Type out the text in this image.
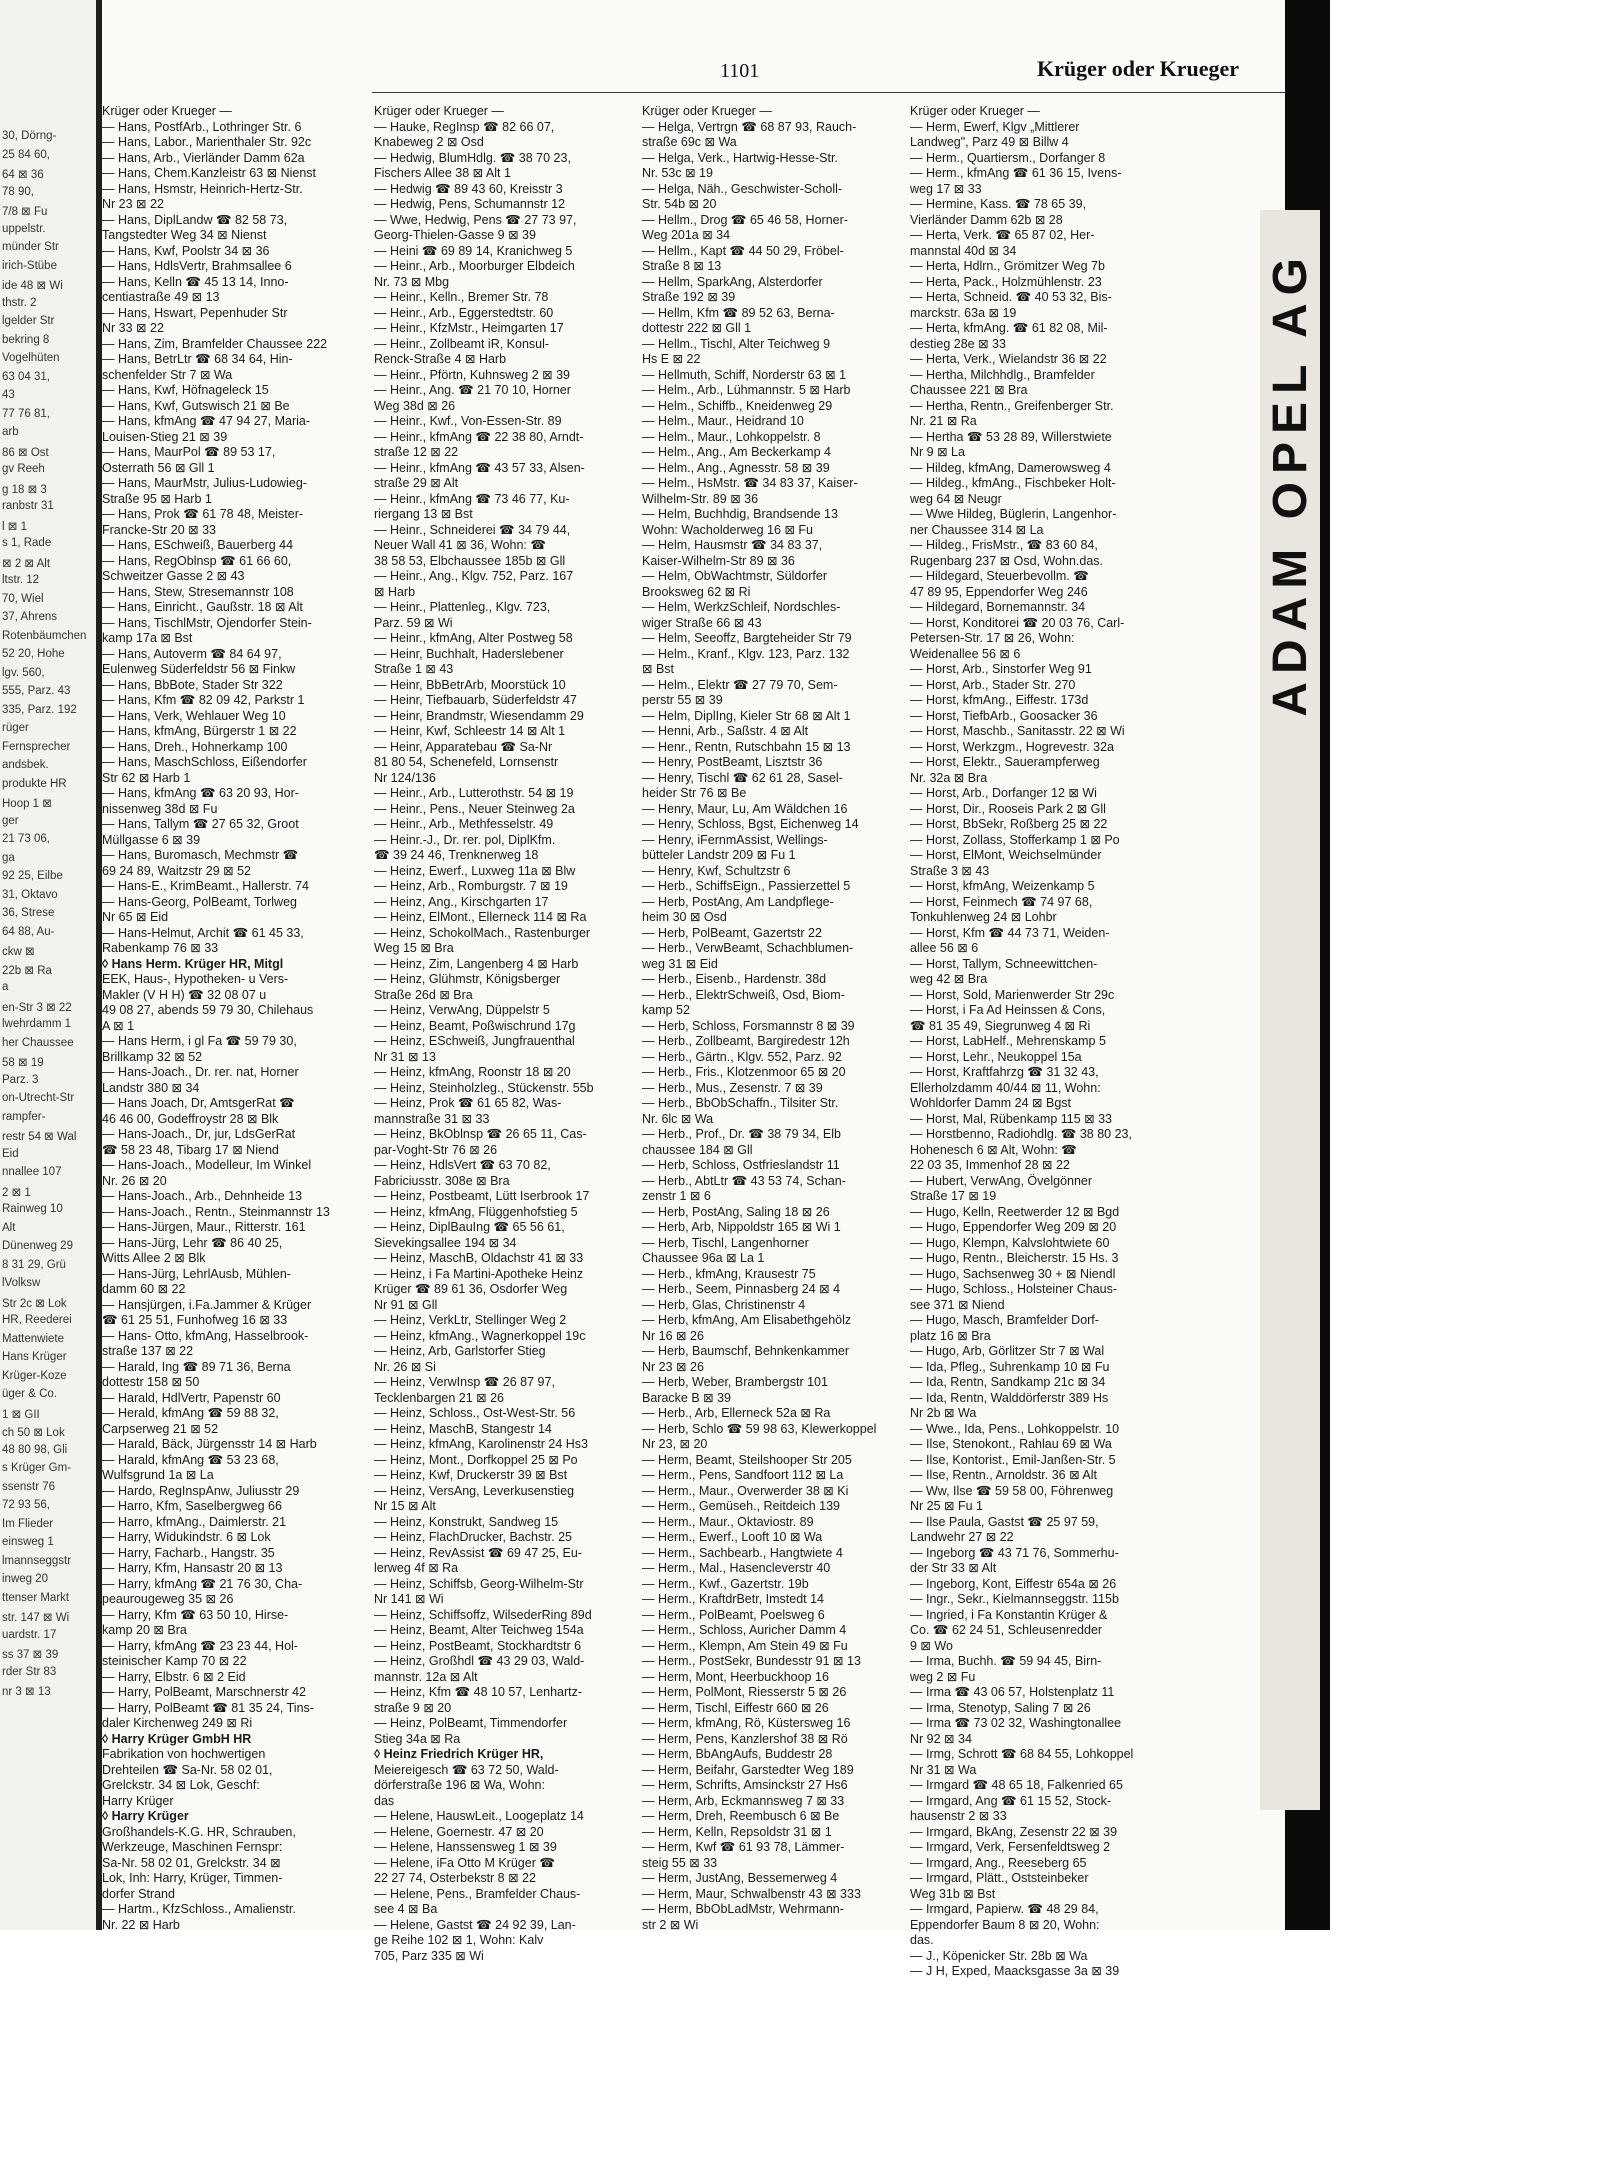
30, Dörng-
25 84 60,
64 ⊠ 36
78 90,
7/8 ⊠ Fu
uppelstr.
münder Str
irich-Stübe
ide 48 ⊠ Wi
thstr. 2
lgelder Str
bekring 8
Vogelhüten
63 04 31,
43
77 76 81,
arb
86 ⊠ Ost
gv Reeh
g 18 ⊠ 3
ranbstr 31
l ⊠ 1
s 1, Rade
⊠ 2 ⊠ Alt
ltstr. 12
70, Wiel
37, Ahrens
Rotenbäumchen
52 20, Hohe
lgv. 560,
555, Parz. 43
335, Parz. 192
rüger
Fernsprecher
andsbek.
produkte HR
Hoop 1 ⊠
ger
21 73 06,
ga
92 25, Eilbe
31, Oktavo
36, Strese
64 88, Au-
ckw ⊠
22b ⊠ Ra
a
en-Str 3 ⊠ 22
lwehrdamm 1
her Chaussee
58 ⊠ 19
Parz. 3
on-Utrecht-Str
rampfer-
restr 54 ⊠ Wal
Eid
nnallee 107
2 ⊠ 1
Rainweg 10
Alt
Dünenweg 29
8 31 29, Grü
lVolksw
Str 2c ⊠ Lok
HR, Reederei
Mattenwiete
Hans Krüger
Krüger-Koze
üger & Co.
1 ⊠ GII
ch 50 ⊠ Lok
48 80 98, Gli
s Krüger Gm-
ssenstr 76
72 93 56,
Im Flieder
einsweg 1
lmannseggstr
inweg 20
ttenser Markt
str. 147 ⊠ Wi
uardstr. 17
ss 37 ⊠ 39
rder Str 83
nr 3 ⊠ 13
1101	Krüger oder Krueger
Krüger oder Krueger —
— Hans, PostfArb., Lothringer Str. 6
— Hans, Labor., Marienthaler Str. 92c
— Hans, Arb., Vierländer Damm 62a
— Hans, Chem.Kanzleistr 63 ⊠ Nienst
— Hans, Hsmstr, Heinrich-Hertz-Str.
Nr 23 ⊠ 22
— Hans, DiplLandw ☎ 82 58 73,
Tangstedter Weg 34 ⊠ Nienst
— Hans, Kwf, Poolstr 34 ⊠ 36
— Hans, HdlsVertr, Brahmsallee 6
— Hans, Kelln ☎ 45 13 14, Inno-
centiastraße 49 ⊠ 13
— Hans, Hswart, Pepenhuder Str
Nr 33 ⊠ 22
— Hans, Zim, Bramfelder Chaussee 222
— Hans, BetrLtr ☎ 68 34 64, Hin-
schenfelder Str 7 ⊠ Wa
— Hans, Kwf, Höfnageleck 15
— Hans, Kwf, Gutswisch 21 ⊠ Be
— Hans, kfmAng ☎ 47 94 27, Maria-
Louisen-Stieg 21 ⊠ 39
— Hans, MaurPol ☎ 89 53 17,
Osterrath 56 ⊠ Gll 1
— Hans, MaurMstr, Julius-Ludowieg-
Straße 95 ⊠ Harb 1
— Hans, Prok ☎ 61 78 48, Meister-
Francke-Str 20 ⊠ 33
— Hans, ESchweiß, Bauerberg 44
— Hans, RegOblnsp ☎ 61 66 60,
Schweitzer Gasse 2 ⊠ 43
— Hans, Stew, Stresemannstr 108
— Hans, Einricht., Gaußstr. 18 ⊠ Alt
— Hans, TischlMstr, Ojendorfer Stein-
kamp 17a ⊠ Bst
— Hans, Autoverm ☎ 84 64 97,
Eulenweg Süderfeldstr 56 ⊠ Finkw
— Hans, BbBote, Stader Str 322
— Hans, Kfm ☎ 82 09 42, Parkstr 1
— Hans, Verk, Wehlauer Weg 10
— Hans, kfmAng, Bürgerstr 1 ⊠ 22
— Hans, Dreh., Hohnerkamp 100
— Hans, MaschSchloss, Eißendorfer
Str 62 ⊠ Harb 1
— Hans, kfmAng ☎ 63 20 93, Hor-
nissenweg 38d ⊠ Fu
— Hans, Tallym ☎ 27 65 32, Groot
Müllgasse 6 ⊠ 39
— Hans, Buromasch, Mechmstr ☎
69 24 89, Waitzstr 29 ⊠ 52
— Hans-E., KrimBeamt., Hallerstr. 74
— Hans-Georg, PolBeamt, Torlweg
Nr 65 ⊠ Eid
— Hans-Helmut, Archit ☎ 61 45 33,
Rabenkamp 76 ⊠ 33
◊ Hans Herm. Krüger HR, Mitgl
EEK, Haus-, Hypotheken- u Vers-
Makler (V H H) ☎ 32 08 07 u
49 08 27, abends 59 79 30, Chilehaus
A ⊠ 1
— Hans Herm, i gl Fa ☎ 59 79 30,
Brillkamp 32 ⊠ 52
— Hans-Joach., Dr. rer. nat, Horner
Landstr 380 ⊠ 34
— Hans Joach, Dr, AmtsgerRat ☎
46 46 00, Godeffroystr 28 ⊠ Blk
— Hans-Joach., Dr, jur, LdsGerRat
☎ 58 23 48, Tibarg 17 ⊠ Niend
— Hans-Joach., Modelleur, Im Winkel
Nr. 26 ⊠ 20
— Hans-Joach., Arb., Dehnheide 13
— Hans-Joach., Rentn., Steinmannstr 13
— Hans-Jürgen, Maur., Ritterstr. 161
— Hans-Jürg, Lehr ☎ 86 40 25,
Witts Allee 2 ⊠ Blk
— Hans-Jürg, LehrlAusb, Mühlen-
damm 60 ⊠ 22
— Hansjürgen, i.Fa.Jammer & Krüger
☎ 61 25 51, Funhofweg 16 ⊠ 33
— Hans- Otto, kfmAng, Hasselbrook-
straße 137 ⊠ 22
— Harald, Ing ☎ 89 71 36, Berna
dottestr 158 ⊠ 50
— Harald, HdlVertr, Papenstr 60
— Herald, kfmAng ☎ 59 88 32,
Carpserweg 21 ⊠ 52
— Harald, Bäck, Jürgensstr 14 ⊠ Harb
— Harald, kfmAng ☎ 53 23 68,
Wulfsgrund 1a ⊠ La
— Hardo, RegInspAnw, Juliusstr 29
— Harro, Kfm, Saselbergweg 66
— Harro, kfmAng., Daimlerstr. 21
— Harry, Widukindstr. 6 ⊠ Lok
— Harry, Facharb., Hangstr. 35
— Harry, Kfm, Hansastr 20 ⊠ 13
— Harry, kfmAng ☎ 21 76 30, Cha-
peaurougeweg 35 ⊠ 26
— Harry, Kfm ☎ 63 50 10, Hirse-
kamp 20 ⊠ Bra
— Harry, kfmAng ☎ 23 23 44, Hol-
steinischer Kamp 70 ⊠ 22
— Harry, Elbstr. 6 ⊠ 2 Eid
— Harry, PolBeamt, Marschnerstr 42
— Harry, PolBeamt ☎ 81 35 24, Tins-
daler Kirchenweg 249 ⊠ Ri
◊ Harry Krüger GmbH HR
Fabrikation von hochwertigen
Drehteilen ☎ Sa-Nr. 58 02 01,
Grelckstr. 34 ⊠ Lok, Geschf:
Harry Krüger
◊ Harry Krüger
Großhandels-K.G. HR, Schrauben,
Werkzeuge, Maschinen Fernspr:
Sa-Nr. 58 02 01, Grelckstr. 34 ⊠
Lok, Inh: Harry, Krüger, Timmen-
dorfer Strand
— Hartm., KfzSchloss., Amalienstr.
Nr. 22 ⊠ Harb
Krüger oder Krueger —
— Hauke, RegInsp ☎ 82 66 07,
Knabeweg 2 ⊠ Osd
— Hedwig, BlumHdlg. ☎ 38 70 23,
Fischers Allee 38 ⊠ Alt 1
— Hedwig ☎ 89 43 60, Kreisstr 3
— Hedwig, Pens, Schumannstr 12
— Wwe, Hedwig, Pens ☎ 27 73 97,
Georg-Thielen-Gasse 9 ⊠ 39
— Heini ☎ 69 89 14, Kranichweg 5
— Heinr., Arb., Moorburger Elbdeich
Nr. 73 ⊠ Mbg
— Heinr., Kelln., Bremer Str. 78
— Heinr., Arb., Eggerstedtstr. 60
— Heinr., KfzMstr., Heimgarten 17
— Heinr., Zollbeamt iR, Konsul-
Renck-Straße 4 ⊠ Harb
— Heinr., Pförtn, Kuhnsweg 2 ⊠ 39
— Heinr., Ang. ☎ 21 70 10, Horner
Weg 38d ⊠ 26
— Heinr., Kwf., Von-Essen-Str. 89
— Heinr., kfmAng ☎ 22 38 80, Arndt-
straße 12 ⊠ 22
— Heinr., kfmAng ☎ 43 57 33, Alsen-
straße 29 ⊠ Alt
— Heinr., kfmAng ☎ 73 46 77, Ku-
riergang 13 ⊠ Bst
— Heinr., Schneiderei ☎ 34 79 44,
Neuer Wall 41 ⊠ 36, Wohn: ☎
38 58 53, Elbchaussee 185b ⊠ Gll
— Heinr., Ang., Klgv. 752, Parz. 167
⊠ Harb
— Heinr., Plattenleg., Klgv. 723,
Parz. 59 ⊠ Wi
— Heinr., kfmAng, Alter Postweg 58
— Heinr, Buchhalt, Haderslebener
Straße 1 ⊠ 43
— Heinr, BbBetrArb, Moorstück 10
— Heinr, Tiefbauarb, Süderfeldstr 47
— Heinr, Brandmstr, Wiesendamm 29
— Heinr, Kwf, Schleestr 14 ⊠ Alt 1
— Heinr, Apparatebau ☎ Sa-Nr
81 80 54, Schenefeld, Lornsenstr
Nr 124/136
— Heinr., Arb., Lutterothstr. 54 ⊠ 19
— Heinr., Pens., Neuer Steinweg 2a
— Heinr., Arb., Methfesselstr. 49
— Heinr.-J., Dr. rer. pol, DiplKfm.
☎ 39 24 46, Trenknerweg 18
— Heinz, Ewerf., Luxweg 11a ⊠ Blw
— Heinz, Arb., Romburgstr. 7 ⊠ 19
— Heinz, Ang., Kirschgarten 17
— Heinz, ElMont., Ellerneck 114 ⊠ Ra
— Heinz, SchokolMach., Rastenburger
Weg 15 ⊠ Bra
— Heinz, Zim, Langenberg 4 ⊠ Harb
— Heinz, Glühmstr, Königsberger
Straße 26d ⊠ Bra
— Heinz, VerwAng, Düppelstr 5
— Heinz, Beamt, Poßwischrund 17g
— Heinz, ESchweiß, Jungfrauenthal
Nr 31 ⊠ 13
— Heinz, kfmAng, Roonstr 18 ⊠ 20
— Heinz, Steinholzleg., Stückenstr. 55b
— Heinz, Prok ☎ 61 65 82, Was-
mannstraße 31 ⊠ 33
— Heinz, BkOblnsp ☎ 26 65 11, Cas-
par-Voght-Str 76 ⊠ 26
— Heinz, HdlsVert ☎ 63 70 82,
Fabriciusstr. 308e ⊠ Bra
— Heinz, Postbeamt, Lütt Iserbrook 17
— Heinz, kfmAng, Flüggenhofstieg 5
— Heinz, DiplBauIng ☎ 65 56 61,
Sievekingsallee 194 ⊠ 34
— Heinz, MaschB, Oldachstr 41 ⊠ 33
— Heinz, i Fa Martini-Apotheke Heinz
Krüger ☎ 89 61 36, Osdorfer Weg
Nr 91 ⊠ Gll
— Heinz, VerkLtr, Stellinger Weg 2
— Heinz, kfmAng., Wagnerkoppel 19c
— Heinz, Arb, Garlstorfer Stieg
Nr. 26 ⊠ Si
— Heinz, VerwInsp ☎ 26 87 97,
Tecklenbargen 21 ⊠ 26
— Heinz, Schloss., Ost-West-Str. 56
— Heinz, MaschB, Stangestr 14
— Heinz, kfmAng, Karolinenstr 24 Hs3
— Heinz, Mont., Dorfkoppel 25 ⊠ Po
— Heinz, Kwf, Druckerstr 39 ⊠ Bst
— Heinz, VersAng, Leverkusenstieg
Nr 15 ⊠ Alt
— Heinz, Konstrukt, Sandweg 15
— Heinz, FlachDrucker, Bachstr. 25
— Heinz, RevAssist ☎ 69 47 25, Eu-
lerweg 4f ⊠ Ra
— Heinz, Schiffsb, Georg-Wilhelm-Str
Nr 141 ⊠ Wi
— Heinz, Schiffsoffz, WilsederRing 89d
— Heinz, Beamt, Alter Teichweg 154a
— Heinz, PostBeamt, Stockhardtstr 6
— Heinz, Großhdl ☎ 43 29 03, Wald-
mannstr. 12a ⊠ Alt
— Heinz, Kfm ☎ 48 10 57, Lenhartz-
straße 9 ⊠ 20
— Heinz, PolBeamt, Timmendorfer
Stieg 34a ⊠ Ra
◊ Heinz Friedrich Krüger HR,
Meiereigesch ☎ 63 72 50, Wald-
dörferstraße 196 ⊠ Wa, Wohn:
das
— Helene, HauswLeit., Loogeplatz 14
— Helene, Goernestr. 47 ⊠ 20
— Helene, Hanssensweg 1 ⊠ 39
— Helene, iFa Otto M Krüger ☎
22 27 74, Osterbekstr 8 ⊠ 22
— Helene, Pens., Bramfelder Chaus-
see 4 ⊠ Ba
— Helene, Gastst ☎ 24 92 39, Lan-
ge Reihe 102 ⊠ 1, Wohn: Kalv
705, Parz 335 ⊠ Wi
Krüger oder Krueger —
— Helga, Vertrgn ☎ 68 87 93, Rauch-
straße 69c ⊠ Wa
— Helga, Verk., Hartwig-Hesse-Str.
Nr. 53c ⊠ 19
— Helga, Näh., Geschwister-Scholl-
Str. 54b ⊠ 20
— Hellm., Drog ☎ 65 46 58, Horner-
Weg 201a ⊠ 34
— Hellm., Kapt ☎ 44 50 29, Fröbel-
Straße 8 ⊠ 13
— Hellm, SparkAng, Alsterdorfer
Straße 192 ⊠ 39
— Hellm, Kfm ☎ 89 52 63, Berna-
dottestr 222 ⊠ Gll 1
— Hellm., Tischl, Alter Teichweg 9
Hs E ⊠ 22
— Hellmuth, Schiff, Norderstr 63 ⊠ 1
— Helm., Arb., Lühmannstr. 5 ⊠ Harb
— Helm., Schiffb., Kneidenweg 29
— Helm., Maur., Heidrand 10
— Helm., Maur., Lohkoppelstr. 8
— Helm., Ang., Am Beckerkamp 4
— Helm., Ang., Agnesstr. 58 ⊠ 39
— Helm., HsMstr. ☎ 34 83 37, Kaiser-
Wilhelm-Str. 89 ⊠ 36
— Helm, Buchhdig, Brandsende 13
Wohn: Wacholderweg 16 ⊠ Fu
— Helm, Hausmstr ☎ 34 83 37,
Kaiser-Wilhelm-Str 89 ⊠ 36
— Helm, ObWachtmstr, Süldorfer
Brooksweg 62 ⊠ Ri
— Helm, WerkzSchleif, Nordschles-
wiger Straße 66 ⊠ 43
— Helm, Seeoffz, Bargteheider Str 79
— Helm., Kranf., Klgv. 123, Parz. 132
⊠ Bst
— Helm., Elektr ☎ 27 79 70, Sem-
perstr 55 ⊠ 39
— Helm, DiplIng, Kieler Str 68 ⊠ Alt 1
— Henni, Arb., Saßstr. 4 ⊠ Alt
— Henr., Rentn, Rutschbahn 15 ⊠ 13
— Henry, PostBeamt, Lisztstr 36
— Henry, Tischl ☎ 62 61 28, Sasel-
heider Str 76 ⊠ Be
— Henry, Maur, Lu, Am Wäldchen 16
— Henry, Schloss, Bgst, Eichenweg 14
— Henry, iFernmAssist, Wellings-
bütteler Landstr 209 ⊠ Fu 1
— Henry, Kwf, Schultzstr 6
— Herb., SchiffsEign., Passierzettel 5
— Herb, PostAng, Am Landpflege-
heim 30 ⊠ Osd
— Herb, PolBeamt, Gazertstr 22
— Herb., VerwBeamt, Schachblumen-
weg 31 ⊠ Eid
— Herb., Eisenb., Hardenstr. 38d
— Herb., ElektrSchweiß, Osd, Biom-
kamp 52
— Herb, Schloss, Forsmannstr 8 ⊠ 39
— Herb., Zollbeamt, Bargiredestr 12h
— Herb., Gärtn., Klgv. 552, Parz. 92
— Herb., Fris., Klotzenmoor 65 ⊠ 20
— Herb., Mus., Zesenstr. 7 ⊠ 39
— Herb., BbObSchaffn., Tilsiter Str.
Nr. 6lc ⊠ Wa
— Herb., Prof., Dr. ☎ 38 79 34, Elb
chaussee 184 ⊠ Gll
— Herb, Schloss, Ostfrieslandstr 11
— Herb., AbtLtr ☎ 43 53 74, Schan-
zenstr 1 ⊠ 6
— Herb, PostAng, Saling 18 ⊠ 26
— Herb, Arb, Nippoldstr 165 ⊠ Wi 1
— Herb, Tischl, Langenhorner
Chaussee 96a ⊠ La 1
— Herb., kfmAng, Krausestr 75
— Herb., Seem, Pinnasberg 24 ⊠ 4
— Herb, Glas, Christinenstr 4
— Herb, kfmAng, Am Elisabethgehölz
Nr 16 ⊠ 26
— Herb, Baumschf, Behnkenkammer
Nr 23 ⊠ 26
— Herb, Weber, Brambergstr 101
Baracke B ⊠ 39
— Herb., Arb, Ellerneck 52a ⊠ Ra
— Herb, Schlo ☎ 59 98 63, Klewerkoppel
Nr 23, ⊠ 20
— Herm, Beamt, Steilshooper Str 205
— Herm., Pens, Sandfoort 112 ⊠ La
— Herm., Maur., Overwerder 38 ⊠ Ki
— Herm., Gemüseh., Reitdeich 139
— Herm., Maur., Oktaviostr. 89
— Herm., Ewerf., Looft 10 ⊠ Wa
— Herm., Sachbearb., Hangtwiete 4
— Herm., Mal., Hasencleverstr 40
— Herm., Kwf., Gazertstr. 19b
— Herm., KraftdrBetr, Imstedt 14
— Herm., PolBeamt, Poelsweg 6
— Herm., Schloss, Auricher Damm 4
— Herm., Klempn, Am Stein 49 ⊠ Fu
— Herm., PostSekr, Bundesstr 91 ⊠ 13
— Herm, Mont, Heerbuckhoop 16
— Herm, PolMont, Riesserstr 5 ⊠ 26
— Herm, Tischl, Eiffestr 660 ⊠ 26
— Herm, kfmAng, Rö, Küstersweg 16
— Herm, Pens, Kanzlershof 38 ⊠ Rö
— Herm, BbAngAufs, Buddestr 28
— Herm, Beifahr, Garstedter Weg 189
— Herm, Schrifts, Amsinckstr 27 Hs6
— Herm, Arb, Eckmannsweg 7 ⊠ 33
— Herm, Dreh, Reembusch 6 ⊠ Be
— Herm, Kelln, Repsoldstr 31 ⊠ 1
— Herm, Kwf ☎ 61 93 78, Lämmer-
steig 55 ⊠ 33
— Herm, JustAng, Bessemerweg 4
— Herm, Maur, Schwalbenstr 43 ⊠ 333
— Herm, BbObLadMstr, Wehrmann-
str 2 ⊠ Wi
Krüger oder Krueger —
— Herm, Ewerf, Klgv „Mittlerer
Landweg", Parz 49 ⊠ Billw 4
— Herm., Quartiersm., Dorfanger 8
— Herm., kfmAng ☎ 61 36 15, Ivens-
weg 17 ⊠ 33
— Hermine, Kass. ☎ 78 65 39,
Vierländer Damm 62b ⊠ 28
— Herta, Verk. ☎ 65 87 02, Her-
mannstal 40d ⊠ 34
— Herta, Hdlrn., Grömitzer Weg 7b
— Herta, Pack., Holzmühlenstr. 23
— Herta, Schneid. ☎ 40 53 32, Bis-
marckstr. 63a ⊠ 19
— Herta, kfmAng. ☎ 61 82 08, Mil-
destieg 28e ⊠ 33
— Herta, Verk., Wielandstr 36 ⊠ 22
— Hertha, Milchhdlg., Bramfelder
Chaussee 221 ⊠ Bra
— Hertha, Rentn., Greifenberger Str.
Nr. 21 ⊠ Ra
— Hertha ☎ 53 28 89, Willerstwiete
Nr 9 ⊠ La
— Hildeg, kfmAng, Damerowsweg 4
— Hildeg., kfmAng., Fischbeker Holt-
weg 64 ⊠ Neugr
— Wwe Hildeg, Büglerin, Langenhor-
ner Chaussee 314 ⊠ La
— Hildeg., FrisMstr., ☎ 83 60 84,
Rugenbarg 237 ⊠ Osd, Wohn.das.
— Hildegard, Steuerbevollm. ☎
47 89 95, Eppendorfer Weg 246
— Hildegard, Bornemannstr. 34
— Horst, Konditorei ☎ 20 03 76, Carl-
Petersen-Str. 17 ⊠ 26, Wohn:
Weidenallee 56 ⊠ 6
— Horst, Arb., Sinstorfer Weg 91
— Horst, Arb., Stader Str. 270
— Horst, kfmAng., Eiffestr. 173d
— Horst, TiefbArb., Goosacker 36
— Horst, Maschb., Sanitasstr. 22 ⊠ Wi
— Horst, Werkzgm., Hogrevestr. 32a
— Horst, Elektr., Sauerampferweg
Nr. 32a ⊠ Bra
— Horst, Arb., Dorfanger 12 ⊠ Wi
— Horst, Dir., Rooseis Park 2 ⊠ Gll
— Horst, BbSekr, Roßberg 25 ⊠ 22
— Horst, Zollass, Stofferkamp 1 ⊠ Po
— Horst, ElMont, Weichselmünder
Straße 3 ⊠ 43
— Horst, kfmAng, Weizenkamp 5
— Horst, Feinmech ☎ 74 97 68,
Tonkuhlenweg 24 ⊠ Lohbr
— Horst, Kfm ☎ 44 73 71, Weiden-
allee 56 ⊠ 6
— Horst, Tallym, Schneewittchen-
weg 42 ⊠ Bra
— Horst, Sold, Marienwerder Str 29c
— Horst, i Fa Ad Heinssen & Cons,
☎ 81 35 49, Siegrunweg 4 ⊠ Ri
— Horst, LabHelf., Mehrenskamp 5
— Horst, Lehr., Neukoppel 15a
— Horst, Kraftfahrzg ☎ 31 32 43,
Ellerholzdamm 40/44 ⊠ 11, Wohn:
Wohldorfer Damm 24 ⊠ Bgst
— Horst, Mal, Rübenkamp 115 ⊠ 33
— Horstbenno, Radiohdlg. ☎ 38 80 23,
Hohenesch 6 ⊠ Alt, Wohn: ☎
22 03 35, Immenhof 28 ⊠ 22
— Hubert, VerwAng, Övelgönner
Straße 17 ⊠ 19
— Hugo, Kelln, Reetwerder 12 ⊠ Bgd
— Hugo, Eppendorfer Weg 209 ⊠ 20
— Hugo, Klempn, Kalvslohtwiete 60
— Hugo, Rentn., Bleicherstr. 15 Hs. 3
— Hugo, Sachsenweg 30 + ⊠ Niendl
— Hugo, Schloss., Holsteiner Chaus-
see 371 ⊠ Niend
— Hugo, Masch, Bramfelder Dorf-
platz 16 ⊠ Bra
— Hugo, Arb, Görlitzer Str 7 ⊠ Wal
— Ida, Pfleg., Suhrenkamp 10 ⊠ Fu
— Ida, Rentn, Sandkamp 21c ⊠ 34
— Ida, Rentn, Walddörferstr 389 Hs
Nr 2b ⊠ Wa
— Wwe., Ida, Pens., Lohkoppelstr. 10
— Ilse, Stenokont., Rahlau 69 ⊠ Wa
— Ilse, Kontorist., Emil-Janßen-Str. 5
— Ilse, Rentn., Arnoldstr. 36 ⊠ Alt
— Ww, Ilse ☎ 59 58 00, Föhrenweg
Nr 25 ⊠ Fu 1
— Ilse Paula, Gastst ☎ 25 97 59,
Landwehr 27 ⊠ 22
— Ingeborg ☎ 43 71 76, Sommerhu-
der Str 33 ⊠ Alt
— Ingeborg, Kont, Eiffestr 654a ⊠ 26
— Ingr., Sekr., Kielmannseggstr. 115b
— Ingried, i Fa Konstantin Krüger &
Co. ☎ 62 24 51, Schleusenredder
9 ⊠ Wo
— Irma, Buchh. ☎ 59 94 45, Birn-
weg 2 ⊠ Fu
— Irma ☎ 43 06 57, Holstenplatz 11
— Irma, Stenotyp, Saling 7 ⊠ 26
— Irma ☎ 73 02 32, Washingtonallee
Nr 92 ⊠ 34
— Irmg, Schrott ☎ 68 84 55, Lohkoppel
Nr 31 ⊠ Wa
— Irmgard ☎ 48 65 18, Falkenried 65
— Irmgard, Ang ☎ 61 15 52, Stock-
hausenstr 2 ⊠ 33
— Irmgard, BkAng, Zesenstr 22 ⊠ 39
— Irmgard, Verk, Fersenfeldtsweg 2
— Irmgard, Ang., Reeseberg 65
— Irmgard, Plätt., Oststeinbeker
Weg 31b ⊠ Bst
— Irmgard, Papierw. ☎ 48 29 84,
Eppendorfer Baum 8 ⊠ 20, Wohn:
das.
— J., Köpenicker Str. 28b ⊠ Wa
— J H, Exped, Maacksgasse 3a ⊠ 39
ADAM OPEL AG
